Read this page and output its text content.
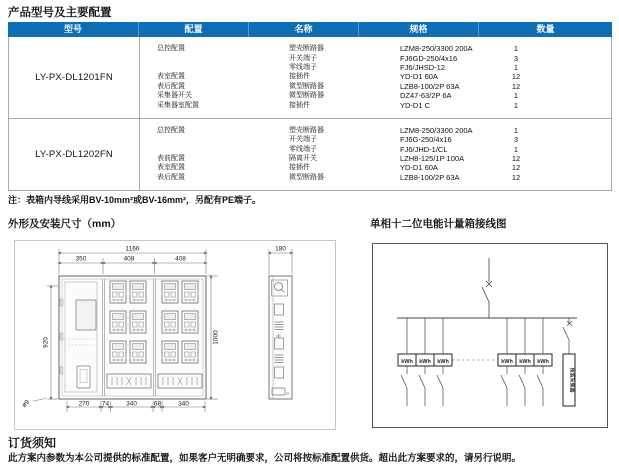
产品型号及主要配置
型号	配置	名称	规格	数量
LY-PX-DL1201FN
总控配置	塑壳断路器	LZM8-250/3300 200A	1
开关端子	FJ6GD-250/4x16	3
零线端子	FJ6/JHSD-12	1
表室配置	接插件	YD-D1 60A	12
表后配置	微型断路器	LZB8-100/2P 63A	12
采集器开关	微型断路器	DZ47-63/2P 6A	1
采集器室配置	接插件	YD-D1 C	1
LY-PX-DL1202FN
总控配置	塑壳断路器	LZM8-250/3300 200A	1
开关端子	FJ6G-250/4x16	3
零线端子	FJ6/JHD-1/CL	1
表前配置	隔离开关	LZH8-125/1P 100A	12
表室配置	接插件	YD-D1 60A	12
表后配置	微型断路器	LZB8-100/2P 63A	12
注：表箱内导线采用BV-10mm²或BV-16mm²，另配有PE端子。
外形及安装尺寸（mm）	单相十二位电能计量箱接线图
1166
350	408	408
180
920	1000
270 74	340	68	340
ø9
kWh kWh kWh	kWh kWh kWh
预装采集器
订货须知
此方案内参数为本公司提供的标准配置，如果客户无明确要求，公司将按标准配置供货。超出此方案要求的，请另行说明。
